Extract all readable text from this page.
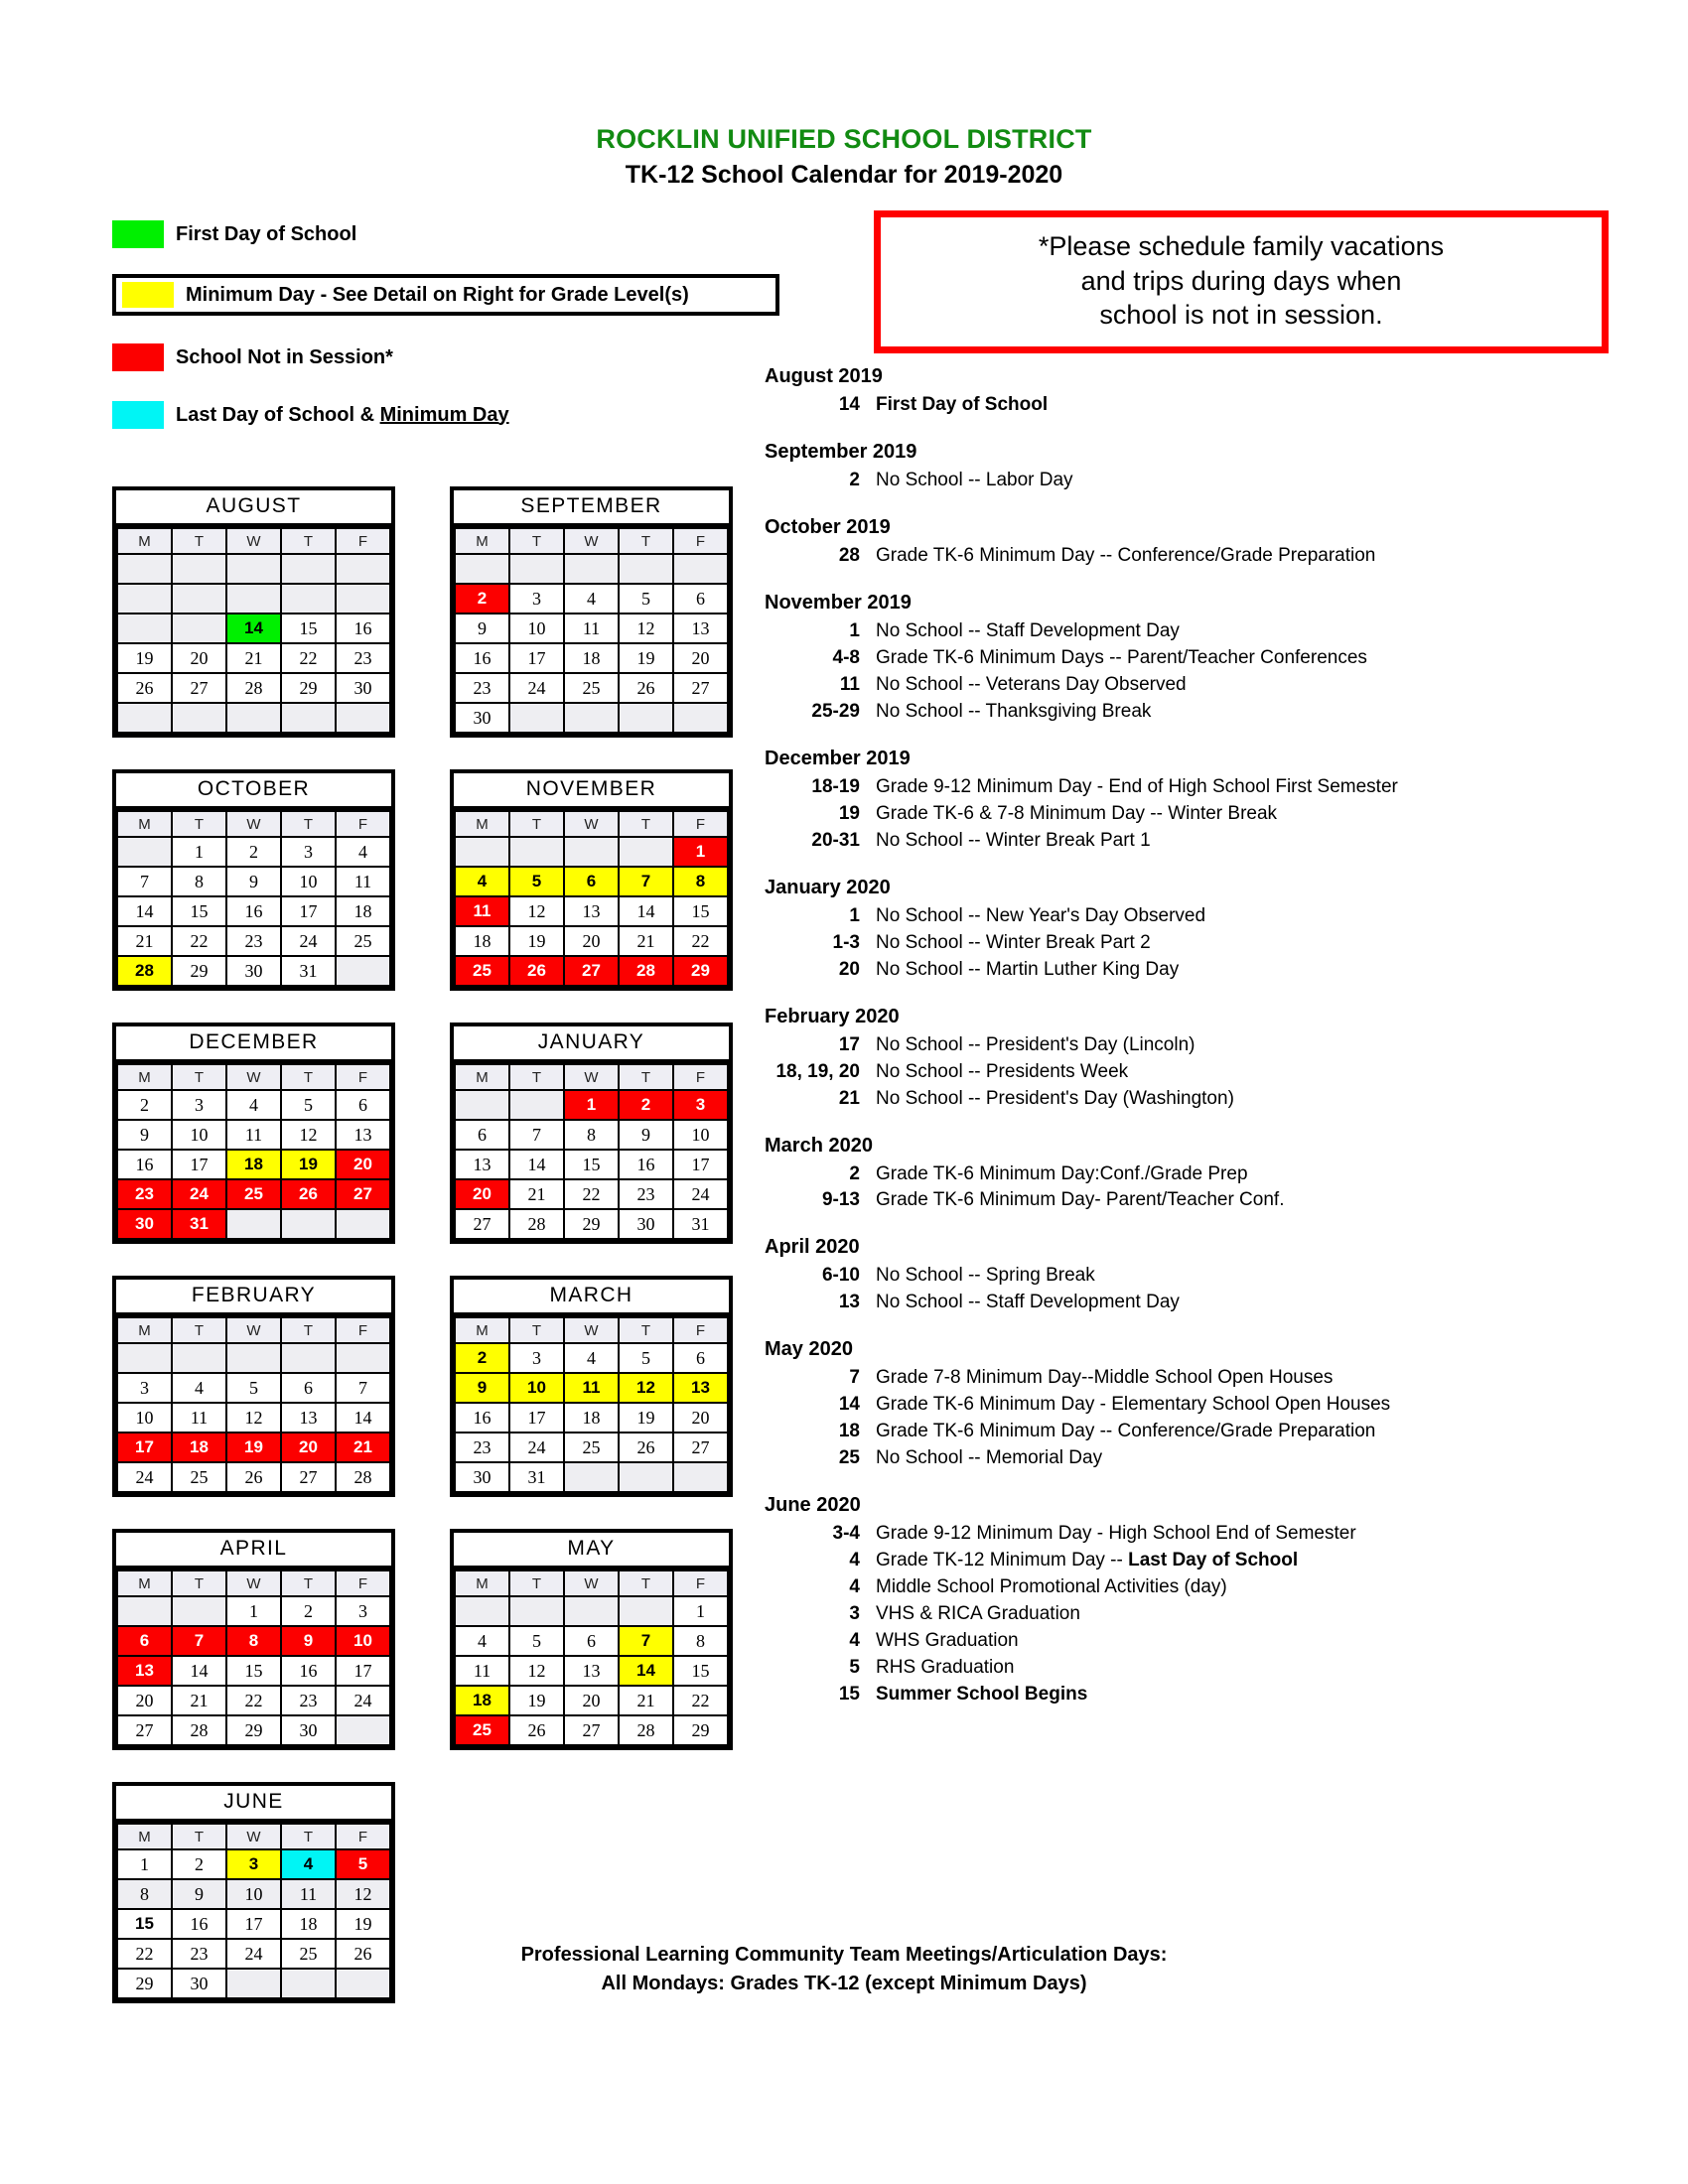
ROCKLIN UNIFIED SCHOOL DISTRICT
TK-12 School Calendar for 2019-2020
First Day of School
Minimum Day - See Detail on Right for Grade Level(s)
School Not in Session*
Last Day of School & Minimum Day
*Please schedule family vacations
and trips during days when
school is not in session.
AUGUST
M	T	W	T	F

		14	15	16
19	20	21	22	23
26	27	28	29	30

OCTOBER
M	T	W	T	F
	1	2	3	4
7	8	9	10	11
14	15	16	17	18
21	22	23	24	25
28	29	30	31	
DECEMBER
M	T	W	T	F
2	3	4	5	6
9	10	11	12	13
16	17	18	19	20
23	24	25	26	27
30	31			
FEBRUARY
M	T	W	T	F

3	4	5	6	7
10	11	12	13	14
17	18	19	20	21
24	25	26	27	28
APRIL
M	T	W	T	F
		1	2	3
6	7	8	9	10
13	14	15	16	17
20	21	22	23	24
27	28	29	30	
JUNE
M	T	W	T	F
1	2	3	4	5
8	9	10	11	12
15	16	17	18	19
22	23	24	25	26
29	30			
SEPTEMBER
M	T	W	T	F

2	3	4	5	6
9	10	11	12	13
16	17	18	19	20
23	24	25	26	27
30				
NOVEMBER
M	T	W	T	F
				1
4	5	6	7	8
11	12	13	14	15
18	19	20	21	22
25	26	27	28	29
JANUARY
M	T	W	T	F
		1	2	3
6	7	8	9	10
13	14	15	16	17
20	21	22	23	24
27	28	29	30	31
MARCH
M	T	W	T	F
2	3	4	5	6
9	10	11	12	13
16	17	18	19	20
23	24	25	26	27
30	31			
MAY
M	T	W	T	F
				1
4	5	6	7	8
11	12	13	14	15
18	19	20	21	22
25	26	27	28	29
August 2019
14 First Day of School
September 2019
2 No School -- Labor Day
October 2019
28 Grade TK-6 Minimum Day -- Conference/Grade Preparation
November 2019
1 No School -- Staff Development Day
4-8 Grade TK-6 Minimum Days -- Parent/Teacher Conferences
11 No School -- Veterans Day Observed
25-29 No School -- Thanksgiving Break
December 2019
18-19 Grade 9-12 Minimum Day - End of High School First Semester
19 Grade TK-6 & 7-8 Minimum Day -- Winter Break
20-31 No School -- Winter Break Part 1
January 2020
1 No School -- New Year's Day Observed
1-3 No School -- Winter Break Part 2
20 No School -- Martin Luther King Day
February 2020
17 No School -- President's Day (Lincoln)
18, 19, 20 No School -- Presidents Week
21 No School -- President's Day (Washington)
March 2020
2 Grade TK-6 Minimum Day:Conf./Grade Prep
9-13 Grade TK-6 Minimum Day- Parent/Teacher Conf.
April 2020
6-10 No School -- Spring Break
13 No School -- Staff Development Day
May 2020
7 Grade 7-8 Minimum Day--Middle School Open Houses
14 Grade TK-6 Minimum Day - Elementary School Open Houses
18 Grade TK-6 Minimum Day -- Conference/Grade Preparation
25 No School -- Memorial Day
June 2020
3-4 Grade 9-12 Minimum Day - High School End of Semester
4 Grade TK-12 Minimum Day -- Last Day of School
4 Middle School Promotional Activities (day)
3 VHS & RICA Graduation
4 WHS Graduation
5 RHS Graduation
15 Summer School Begins
Professional Learning Community Team Meetings/Articulation Days:
All Mondays: Grades TK-12 (except Minimum Days)
